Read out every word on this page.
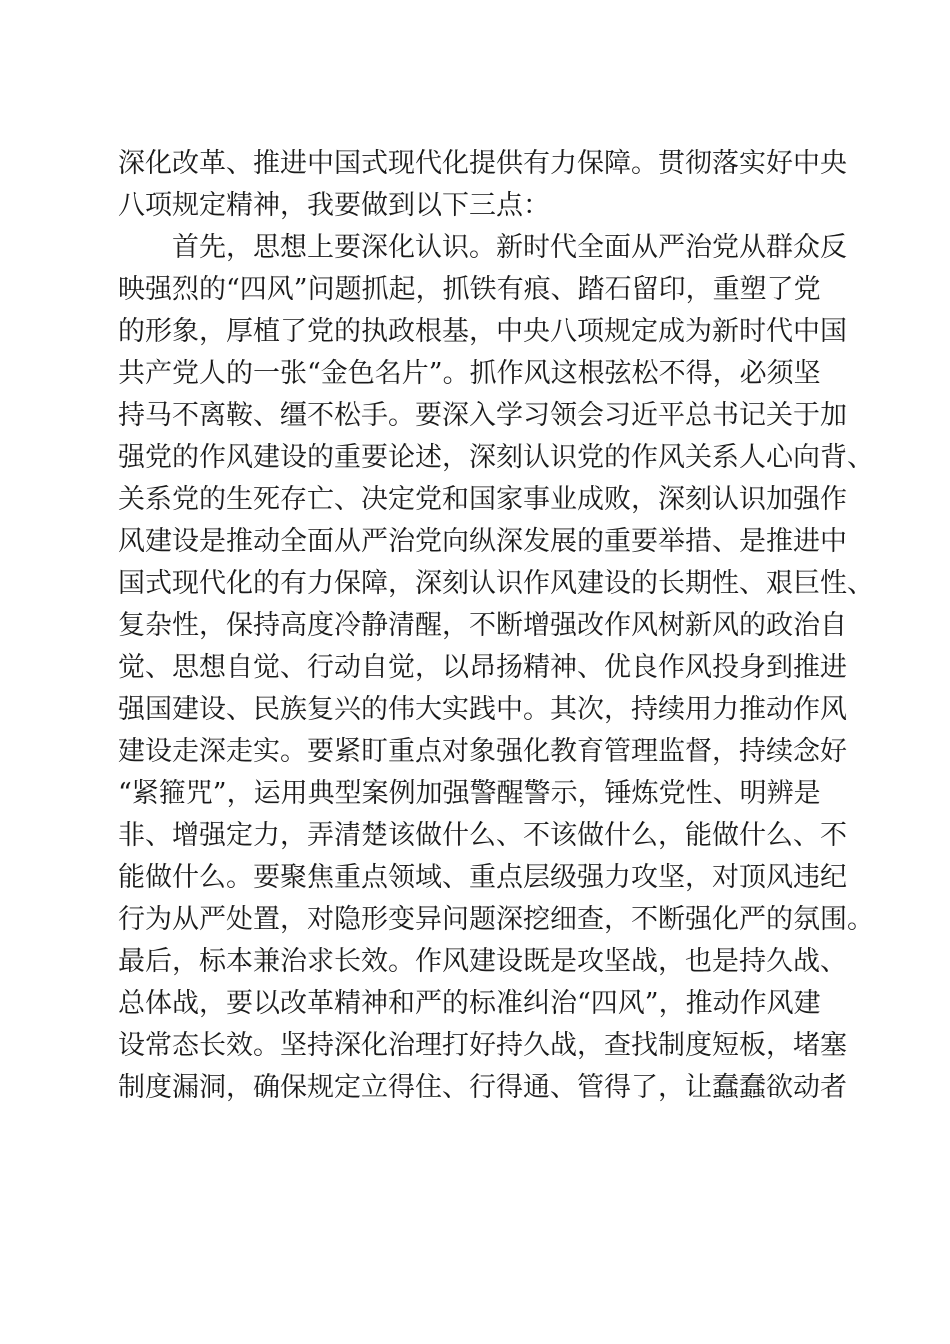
深化改革、推进中国式现代化提供有力保障。贯彻落实好中央
八项规定精神，我要做到以下三点：
首先，思想上要深化认识。新时代全面从严治党从群众反
映强烈的“四风”问题抓起，抓铁有痕、踏石留印，重塑了党
的形象，厚植了党的执政根基，中央八项规定成为新时代中国
共产党人的一张“金色名片”。抓作风这根弦松不得，必须坚
持马不离鞍、缰不松手。要深入学习领会习近平总书记关于加
强党的作风建设的重要论述，深刻认识党的作风关系人心向背、
关系党的生死存亡、决定党和国家事业成败，深刻认识加强作
风建设是推动全面从严治党向纵深发展的重要举措、是推进中
国式现代化的有力保障，深刻认识作风建设的长期性、艰巨性、
复杂性，保持高度冷静清醒，不断增强改作风树新风的政治自
觉、思想自觉、行动自觉，以昂扬精神、优良作风投身到推进
强国建设、民族复兴的伟大实践中。其次，持续用力推动作风
建设走深走实。要紧盯重点对象强化教育管理监督，持续念好
“紧箍咒”，运用典型案例加强警醒警示，锤炼党性、明辨是
非、增强定力，弄清楚该做什么、不该做什么，能做什么、不
能做什么。要聚焦重点领域、重点层级强力攻坚，对顶风违纪
行为从严处置，对隐形变异问题深挖细查，不断强化严的氛围。
最后，标本兼治求长效。作风建设既是攻坚战，也是持久战、
总体战，要以改革精神和严的标准纠治“四风”，推动作风建
设常态长效。坚持深化治理打好持久战，查找制度短板，堵塞
制度漏洞，确保规定立得住、行得通、管得了，让蠢蠢欲动者
